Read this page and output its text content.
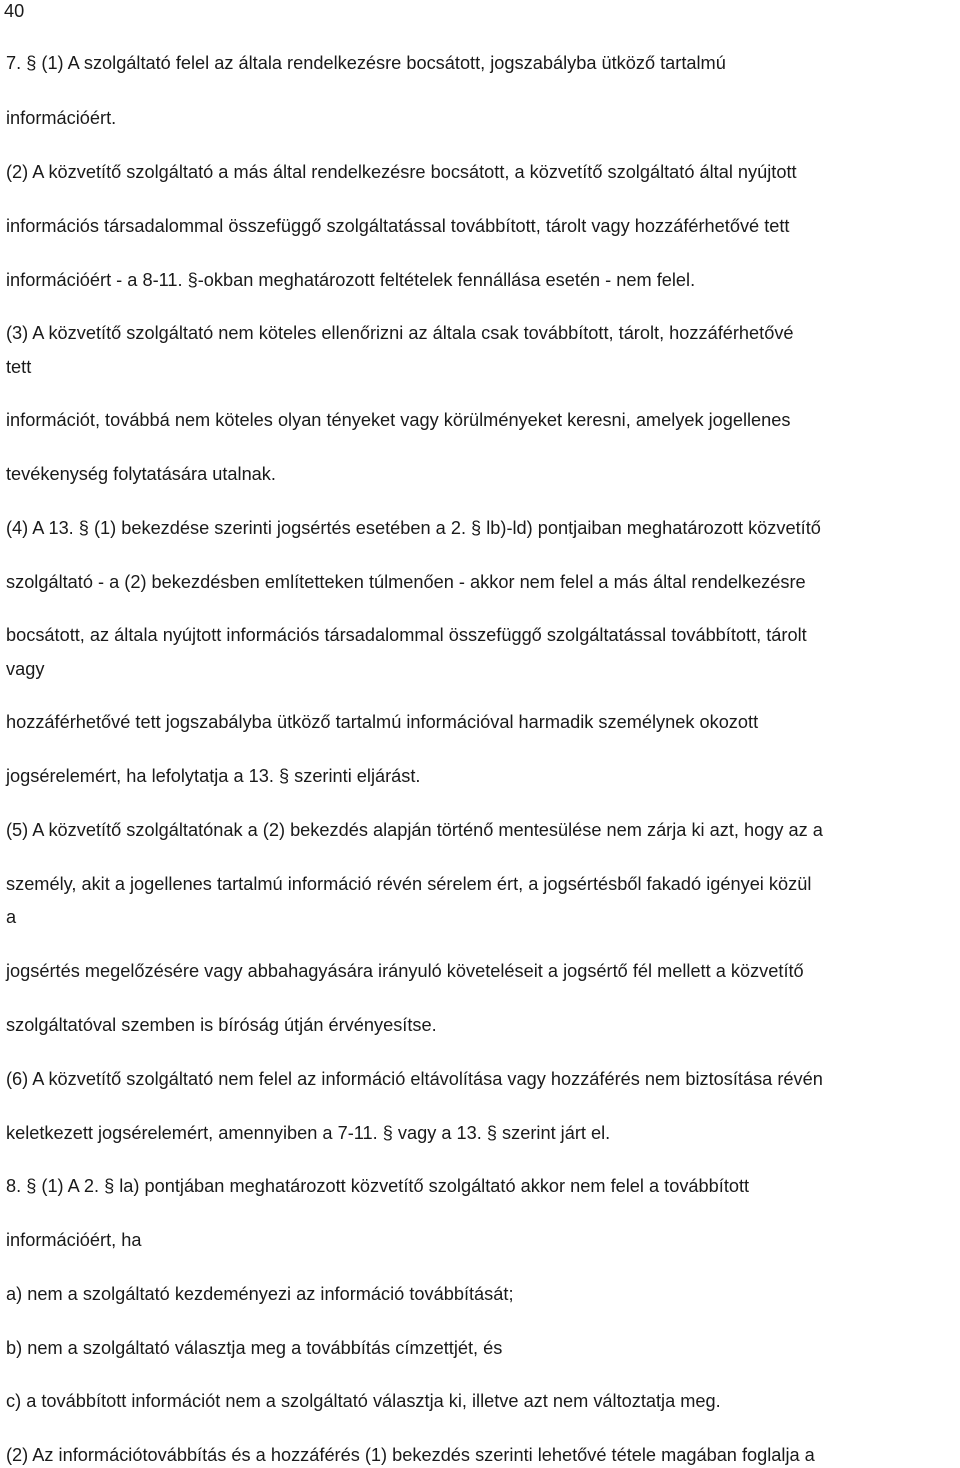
40
7. § (1) A szolgáltató felel az általa rendelkezésre bocsátott, jogszabályba ütköző tartalmú
információért.
(2) A közvetítő szolgáltató a más által rendelkezésre bocsátott, a közvetítő szolgáltató által nyújtott
információs társadalommal összefüggő szolgáltatással továbbított, tárolt vagy hozzáférhetővé tett
információért - a 8-11. §-okban meghatározott feltételek fennállása esetén - nem felel.
(3) A közvetítő szolgáltató nem köteles ellenőrizni az általa csak továbbított, tárolt, hozzáférhetővé
tett
információt, továbbá nem köteles olyan tényeket vagy körülményeket keresni, amelyek jogellenes
tevékenység folytatására utalnak.
(4) A 13. § (1) bekezdése szerinti jogsértés esetében a 2. § lb)-ld) pontjaiban meghatározott közvetítő
szolgáltató - a (2) bekezdésben említetteken túlmenően - akkor nem felel a más által rendelkezésre
bocsátott, az általa nyújtott információs társadalommal összefüggő szolgáltatással továbbított, tárolt
vagy
hozzáférhetővé tett jogszabályba ütköző tartalmú információval harmadik személynek okozott
jogsérelemért, ha lefolytatja a 13. § szerinti eljárást.
(5) A közvetítő szolgáltatónak a (2) bekezdés alapján történő mentesülése nem zárja ki azt, hogy az a
személy, akit a jogellenes tartalmú információ révén sérelem ért, a jogsértésből fakadó igényei közül
a
jogsértés megelőzésére vagy abbahagyására irányuló követeléseit a jogsértő fél mellett a közvetítő
szolgáltatóval szemben is bíróság útján érvényesítse.
(6) A közvetítő szolgáltató nem felel az információ eltávolítása vagy hozzáférés nem biztosítása révén
keletkezett jogsérelemért, amennyiben a 7-11. § vagy a 13. § szerint járt el.
8. § (1) A 2. § la) pontjában meghatározott közvetítő szolgáltató akkor nem felel a továbbított
információért, ha
a) nem a szolgáltató kezdeményezi az információ továbbítását;
b) nem a szolgáltató választja meg a továbbítás címzettjét, és
c) a továbbított információt nem a szolgáltató választja ki, illetve azt nem változtatja meg.
(2) Az információtovábbítás és a hozzáférés (1) bekezdés szerinti lehetővé tétele magában foglalja a
